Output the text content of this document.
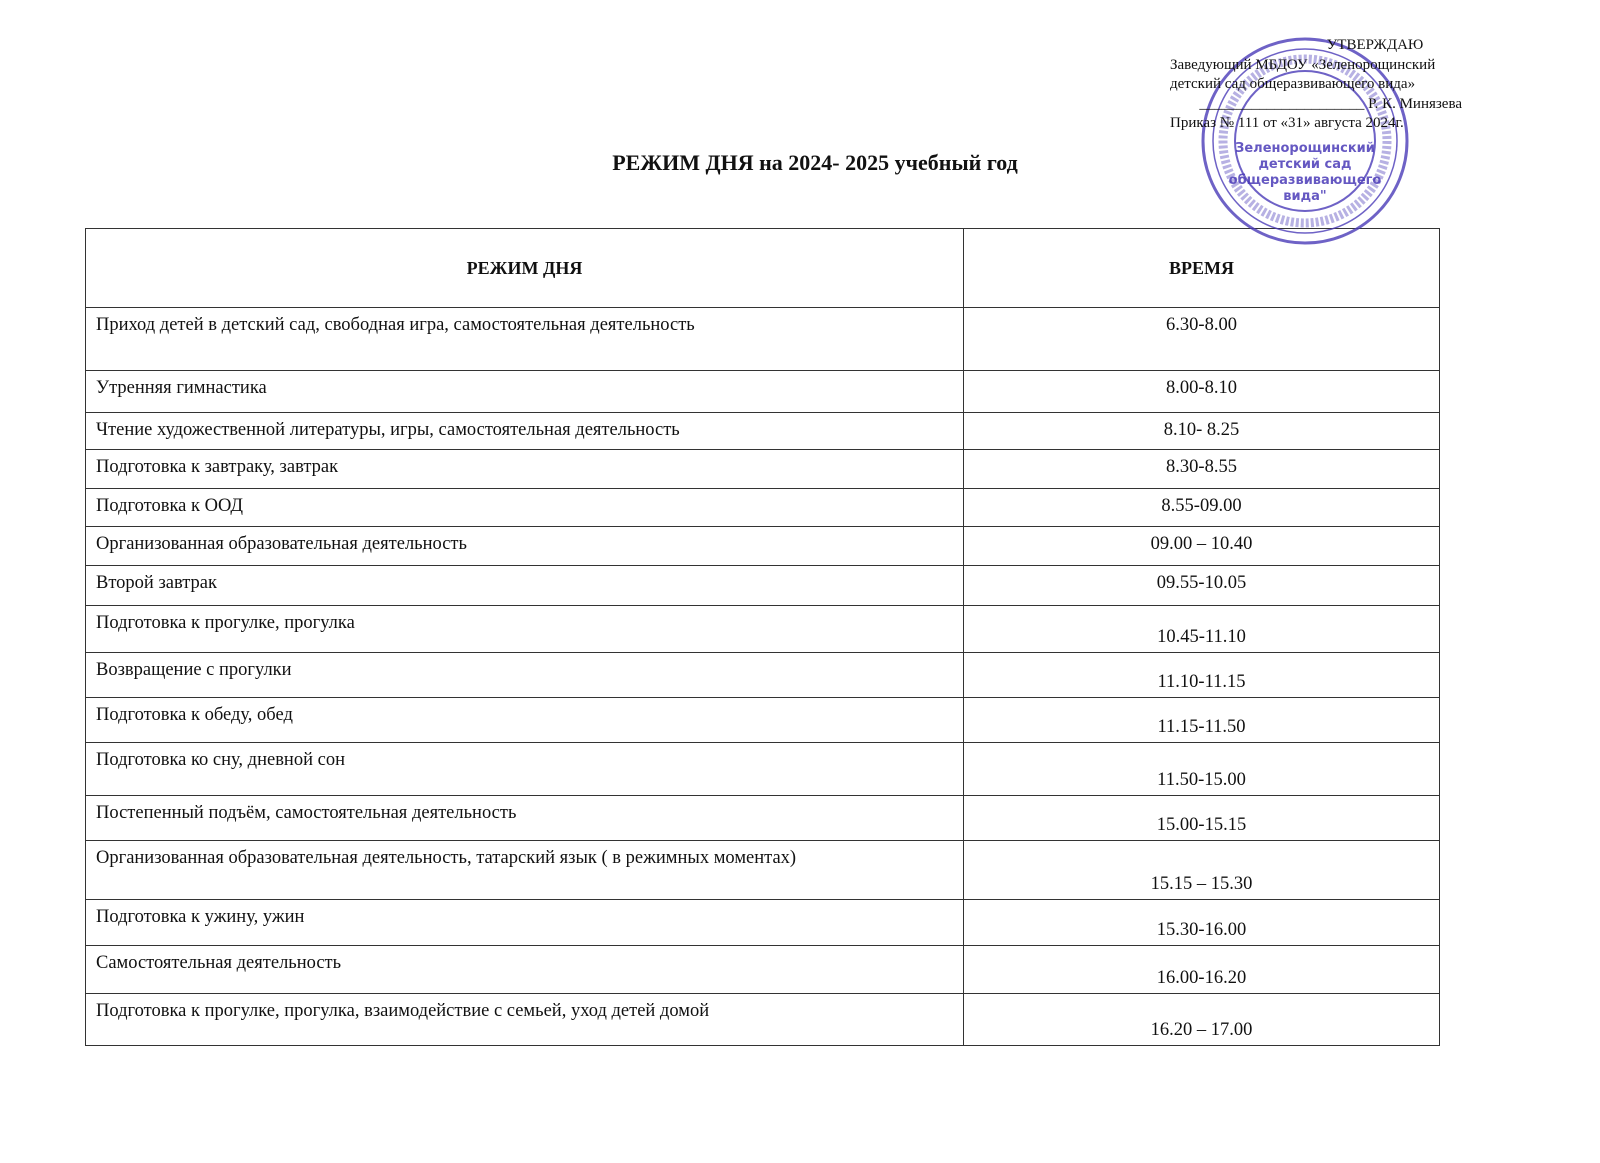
Зеленорощинский
детский сад
общеразвивающего
вида"
УТВЕРЖДАЮ
Заведующий МБДОУ «Зеленорощинский
детский сад общеразвивающего вида»
______________________ Р. К. Минязева
Приказ № 111 от «31» августа 2024г.
РЕЖИМ ДНЯ на 2024- 2025 учебный год
РЕЖИМ ДНЯ	ВРЕМЯ
Приход детей в детский сад, свободная игра, самостоятельная деятельность	6.30-8.00
Утренняя гимнастика	8.00-8.10
Чтение художественной литературы, игры, самостоятельная деятельность	8.10- 8.25
Подготовка к завтраку, завтрак	8.30-8.55
Подготовка к ООД	8.55-09.00
Организованная образовательная деятельность	09.00 – 10.40
Второй завтрак	09.55-10.05
Подготовка к прогулке, прогулка	10.45-11.10
Возвращение с прогулки	11.10-11.15
Подготовка к обеду, обед	11.15-11.50
Подготовка ко сну, дневной сон	11.50-15.00
Постепенный подъём, самостоятельная деятельность	15.00-15.15
Организованная образовательная деятельность, татарский язык ( в режимных моментах)	15.15 – 15.30
Подготовка к ужину, ужин	15.30-16.00
Самостоятельная деятельность	16.00-16.20
Подготовка к прогулке, прогулка, взаимодействие с семьей, уход детей домой	16.20 – 17.00
